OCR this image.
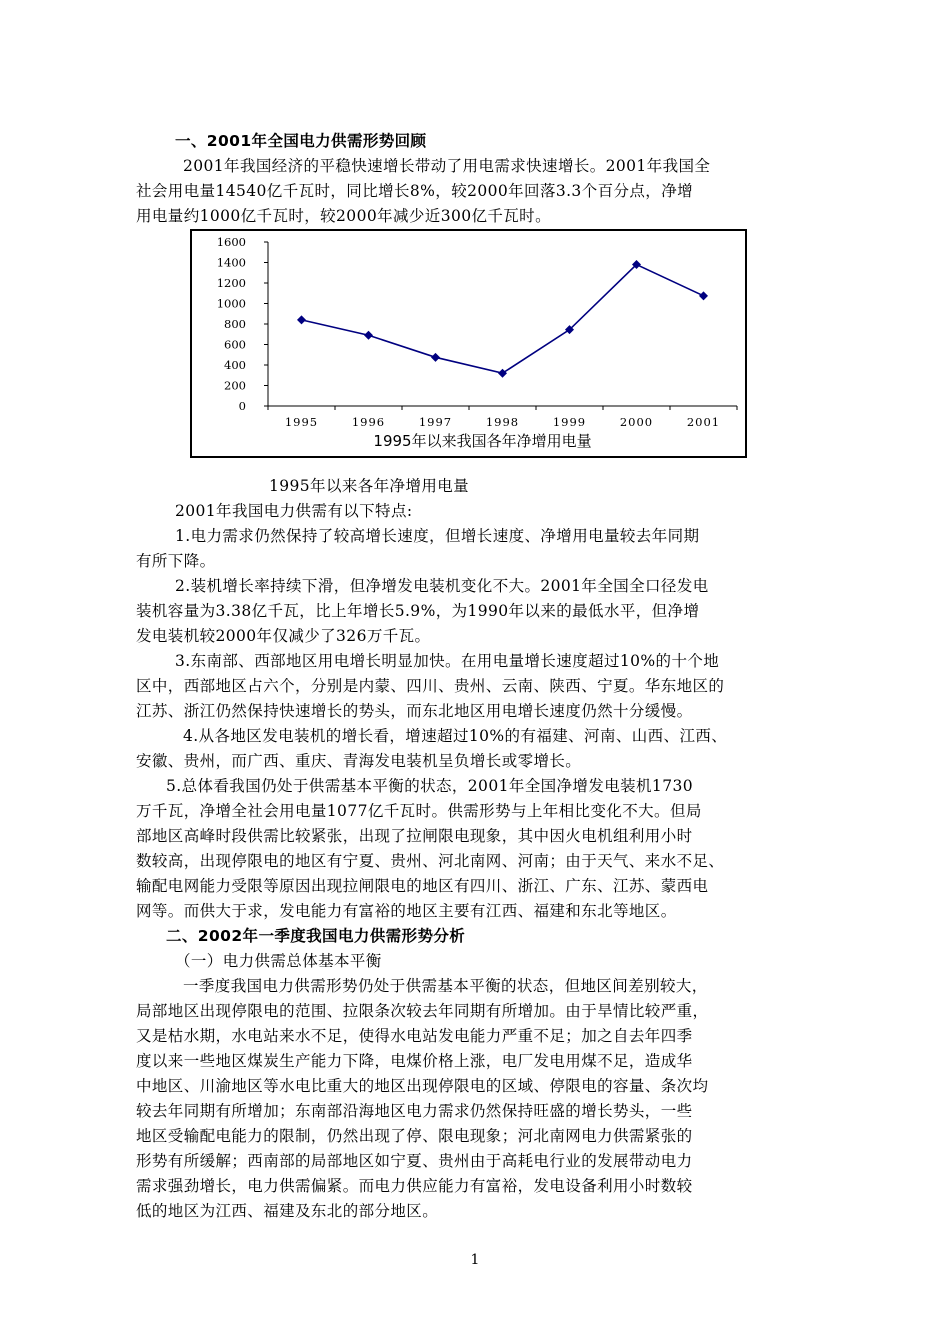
一、2001年全国电力供需形势回顾
2001年我国经济的平稳快速增长带动了用电需求快速增长。2001年我国全
社会用电量14540亿千瓦时，同比增长8%，较2000年回落3.3个百分点，净增
用电量约1000亿千瓦时，较2000年减少近300亿千瓦时。
0
200
400
600
800
1000
1200
1400
1600
1995	1996	1997	1998	1999	2000	2001
1995年以来我国各年净增用电量
1995年以来各年净增用电量
2001年我国电力供需有以下特点:
1.电力需求仍然保持了较高增长速度，但增长速度、净增用电量较去年同期
有所下降。
2.装机增长率持续下滑，但净增发电装机变化不大。2001年全国全口径发电
装机容量为3.38亿千瓦，比上年增长5.9%，为1990年以来的最低水平，但净增
发电装机较2000年仅减少了326万千瓦。
3.东南部、西部地区用电增长明显加快。在用电量增长速度超过10%的十个地
区中，西部地区占六个，分别是内蒙、四川、贵州、云南、陕西、宁夏。华东地区的
江苏、浙江仍然保持快速增长的势头，而东北地区用电增长速度仍然十分缓慢。
4.从各地区发电装机的增长看，增速超过10%的有福建、河南、山西、江西、
安徽、贵州，而广西、重庆、青海发电装机呈负增长或零增长。
5.总体看我国仍处于供需基本平衡的状态，2001年全国净增发电装机1730
万千瓦，净增全社会用电量1077亿千瓦时。供需形势与上年相比变化不大。但局
部地区高峰时段供需比较紧张，出现了拉闸限电现象，其中因火电机组利用小时
数较高，出现停限电的地区有宁夏、贵州、河北南网、河南；由于天气、来水不足、
输配电网能力受限等原因出现拉闸限电的地区有四川、浙江、广东、江苏、蒙西电
网等。而供大于求，发电能力有富裕的地区主要有江西、福建和东北等地区。
二、2002年一季度我国电力供需形势分析
（一）电力供需总体基本平衡
一季度我国电力供需形势仍处于供需基本平衡的状态，但地区间差别较大，
局部地区出现停限电的范围、拉限条次较去年同期有所增加。由于旱情比较严重，
又是枯水期，水电站来水不足，使得水电站发电能力严重不足；加之自去年四季
度以来一些地区煤炭生产能力下降，电煤价格上涨，电厂发电用煤不足，造成华
中地区、川渝地区等水电比重大的地区出现停限电的区域、停限电的容量、条次均
较去年同期有所增加；东南部沿海地区电力需求仍然保持旺盛的增长势头，一些
地区受输配电能力的限制，仍然出现了停、限电现象；河北南网电力供需紧张的
形势有所缓解；西南部的局部地区如宁夏、贵州由于高耗电行业的发展带动电力
需求强劲增长，电力供需偏紧。而电力供应能力有富裕，发电设备利用小时数较
低的地区为江西、福建及东北的部分地区。
1
